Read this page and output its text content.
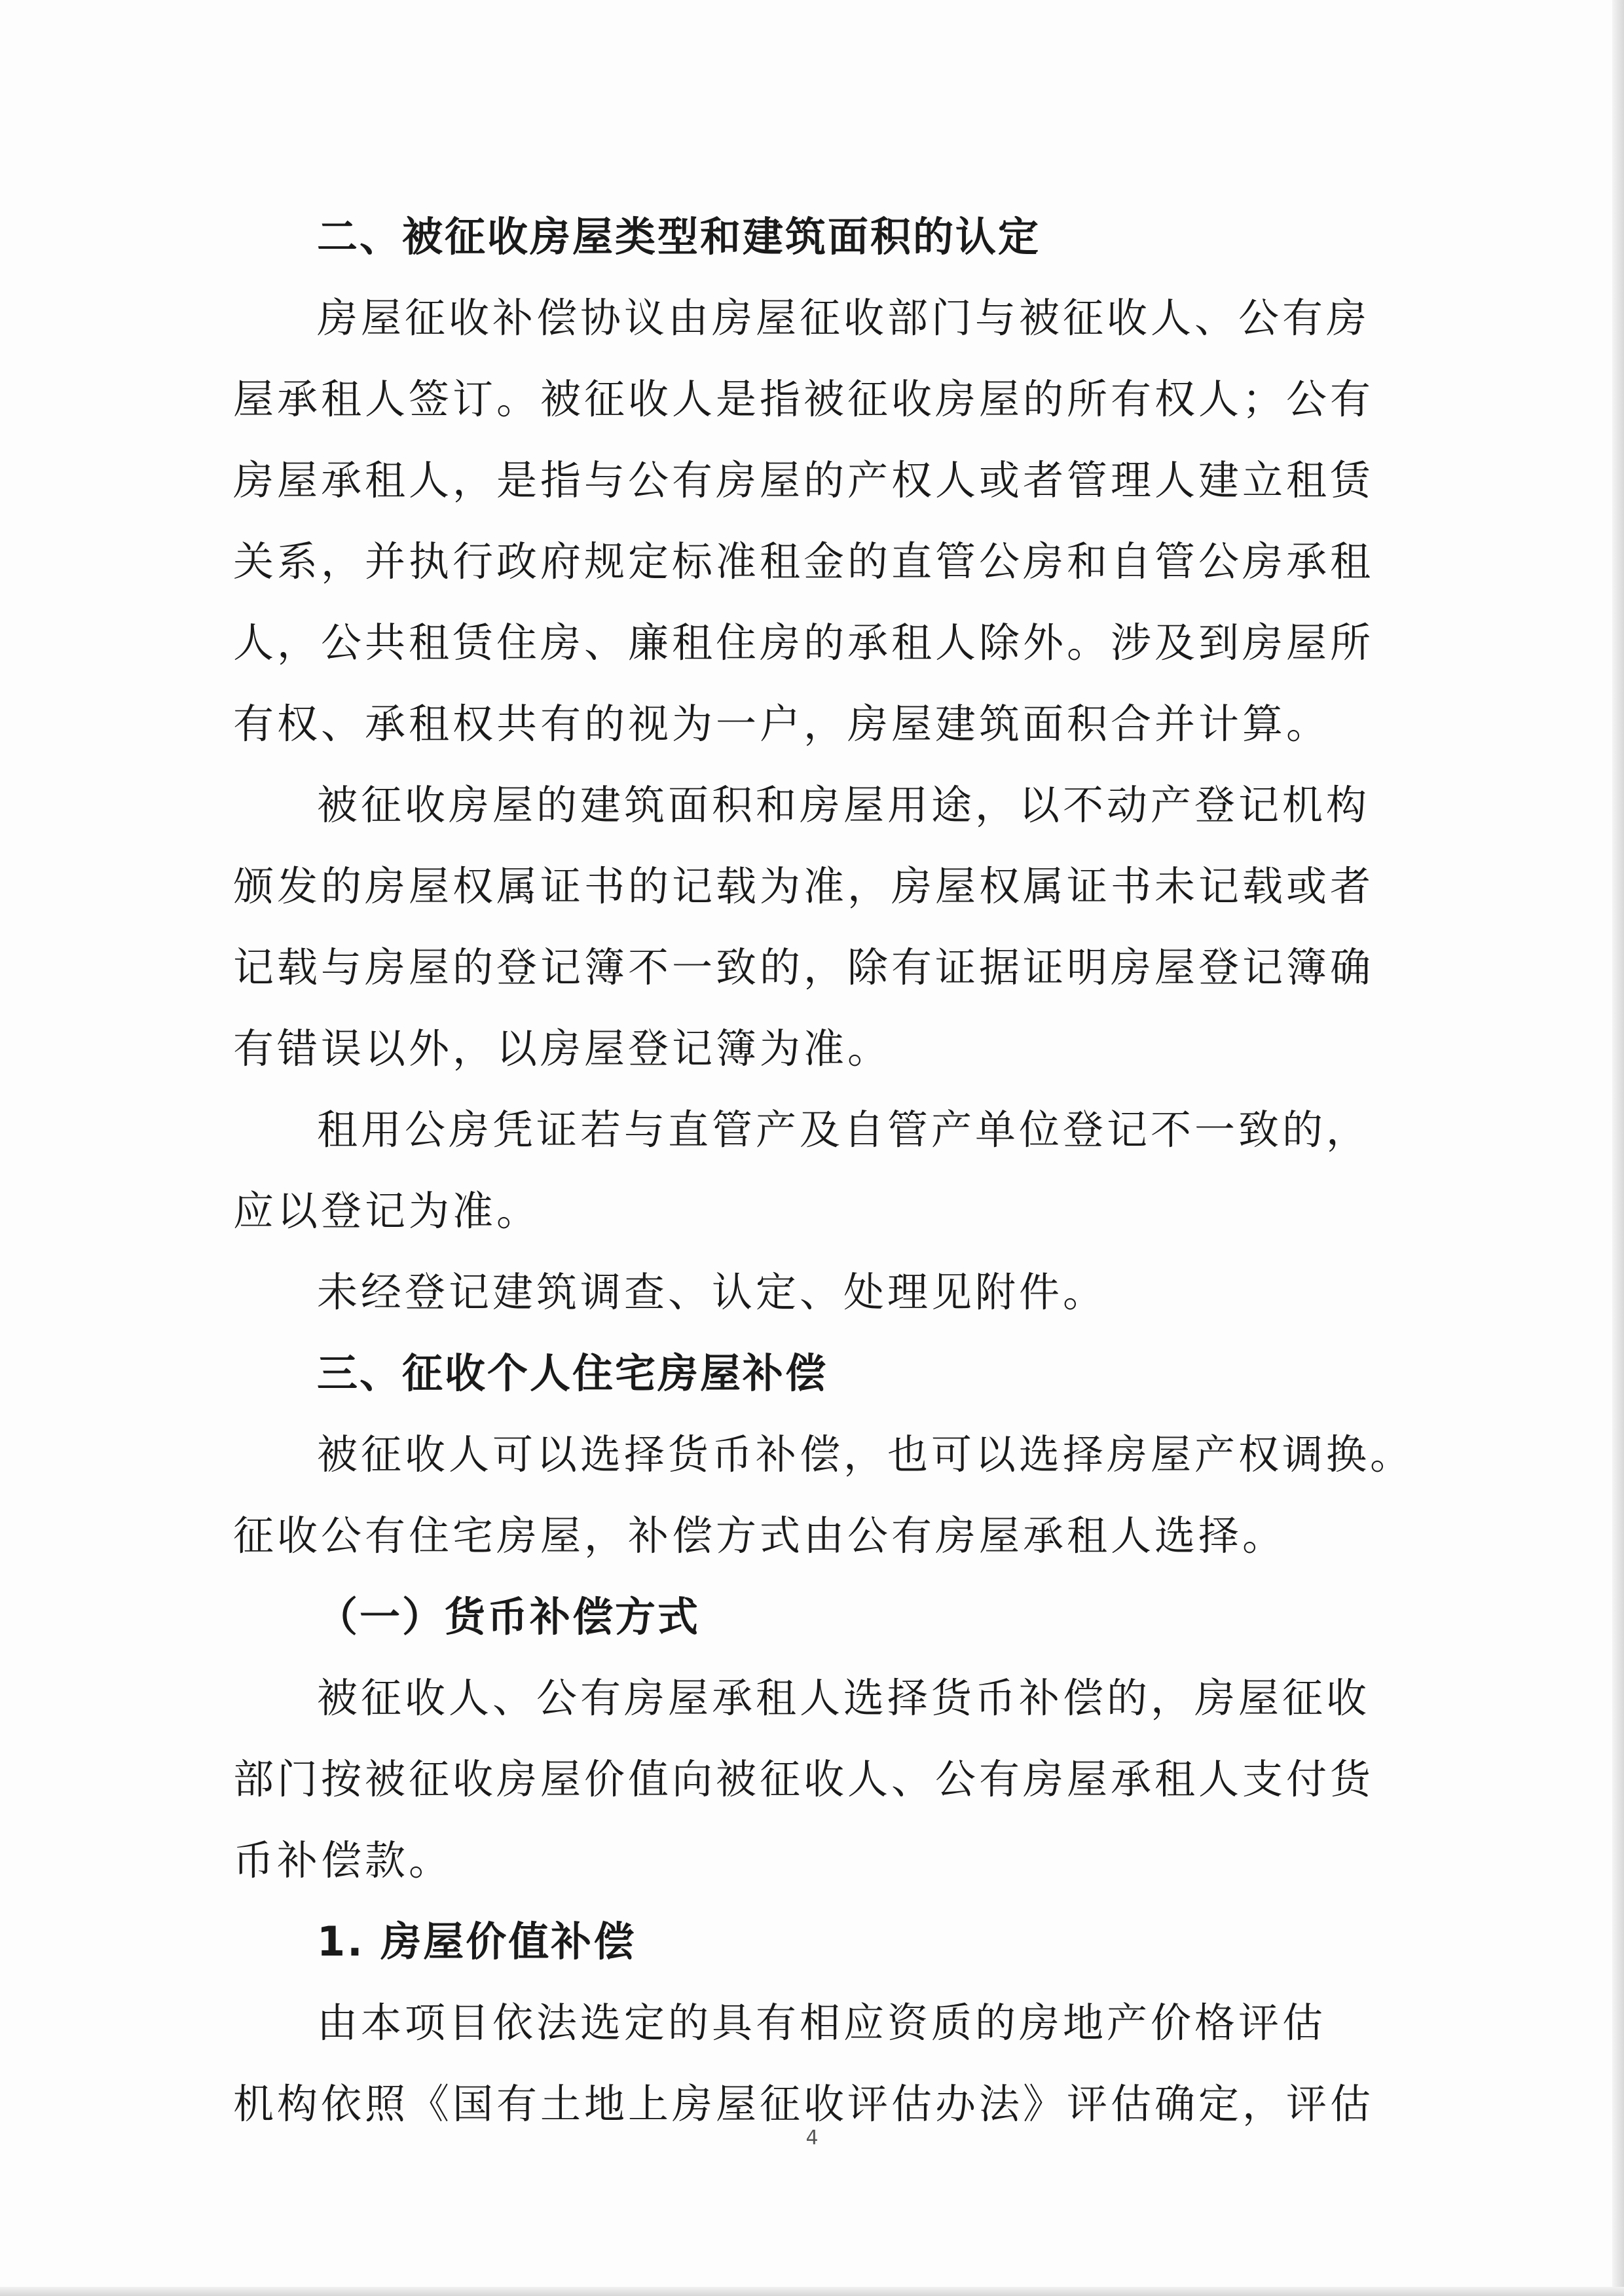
二、被征收房屋类型和建筑面积的认定

房屋征收补偿协议由房屋征收部门与被征收人、公有房

屋承租人签订。被征收人是指被征收房屋的所有权人；公有

房屋承租人，是指与公有房屋的产权人或者管理人建立租赁

关系，并执行政府规定标准租金的直管公房和自管公房承租

人，公共租赁住房、廉租住房的承租人除外。涉及到房屋所

有权、承租权共有的视为一户，房屋建筑面积合并计算。

被征收房屋的建筑面积和房屋用途，以不动产登记机构

颁发的房屋权属证书的记载为准，房屋权属证书未记载或者

记载与房屋的登记簿不一致的，除有证据证明房屋登记簿确

有错误以外，以房屋登记簿为准。

租用公房凭证若与直管产及自管产单位登记不一致的，

应以登记为准。

未经登记建筑调查、认定、处理见附件。

三、征收个人住宅房屋补偿

被征收人可以选择货币补偿，也可以选择房屋产权调换。

征收公有住宅房屋，补偿方式由公有房屋承租人选择。

（一）货币补偿方式

被征收人、公有房屋承租人选择货币补偿的，房屋征收

部门按被征收房屋价值向被征收人、公有房屋承租人支付货

币补偿款。

1. 房屋价值补偿

由本项目依法选定的具有相应资质的房地产价格评估

机构依照《国有土地上房屋征收评估办法》评估确定，评估

4
